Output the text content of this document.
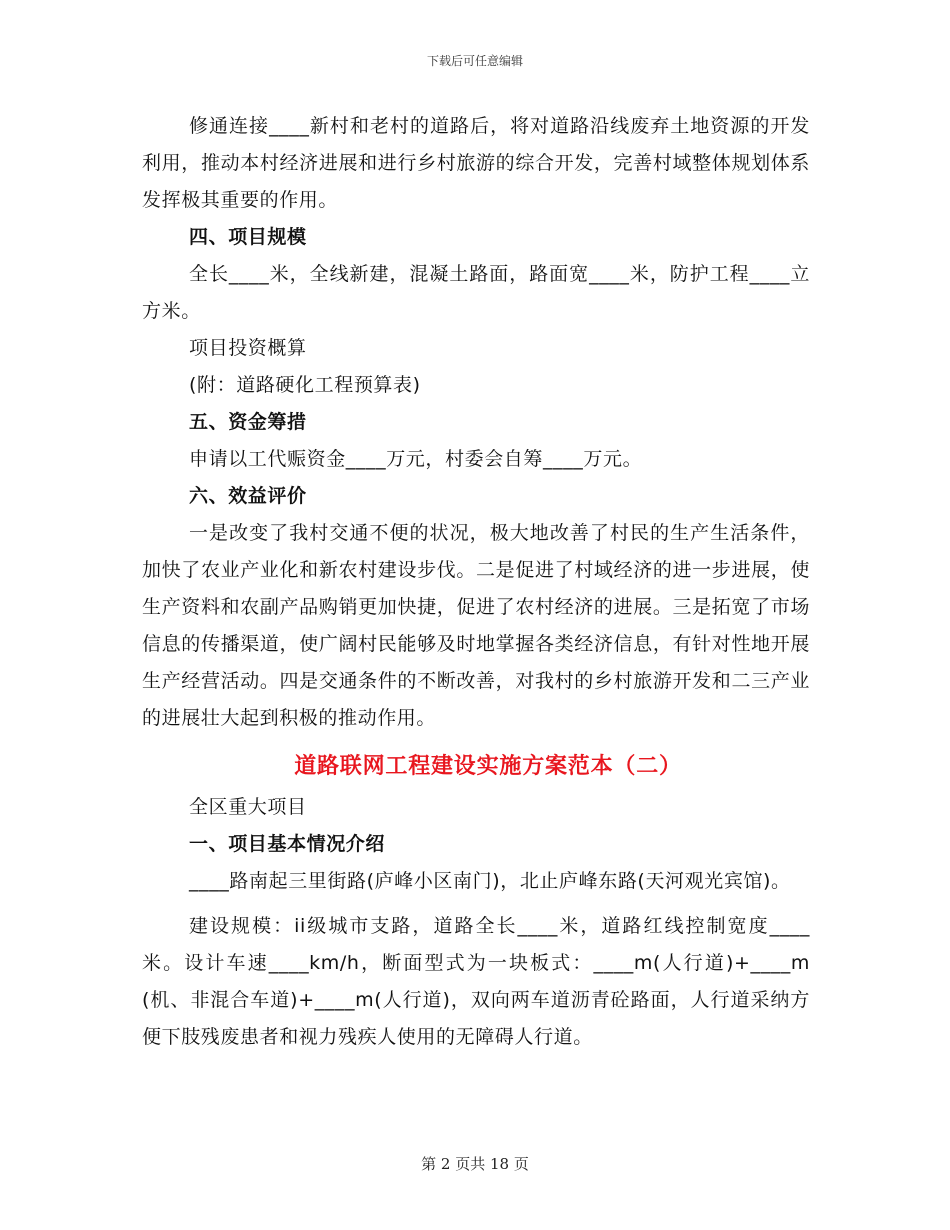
下载后可任意编辑

修通连接____新村和老村的道路后，将对道路沿线废弃土地资源的开发利用，推动本村经济进展和进行乡村旅游的综合开发，完善村域整体规划体系发挥极其重要的作用。

四、项目规模

全长____米，全线新建，混凝土路面，路面宽____米，防护工程____立方米。

项目投资概算

(附：道路硬化工程预算表)

五、资金筹措

申请以工代赈资金____万元，村委会自筹____万元。

六、效益评价

一是改变了我村交通不便的状况，极大地改善了村民的生产生活条件，加快了农业产业化和新农村建设步伐。二是促进了村域经济的进一步进展，使生产资料和农副产品购销更加快捷，促进了农村经济的进展。三是拓宽了市场信息的传播渠道，使广阔村民能够及时地掌握各类经济信息，有针对性地开展生产经营活动。四是交通条件的不断改善，对我村的乡村旅游开发和二三产业的进展壮大起到积极的推动作用。

道路联网工程建设实施方案范本（二）

全区重大项目

一、项目基本情况介绍

____路南起三里街路(庐峰小区南门)，北止庐峰东路(天河观光宾馆)。

建设规模：ii级城市支路，道路全长____米，道路红线控制宽度____米。设计车速____km/h，断面型式为一块板式：____m(人行道)+____m(机、非混合车道)+____m(人行道)，双向两车道沥青砼路面，人行道采纳方便下肢残废患者和视力残疾人使用的无障碍人行道。

第 2 页共 18 页
